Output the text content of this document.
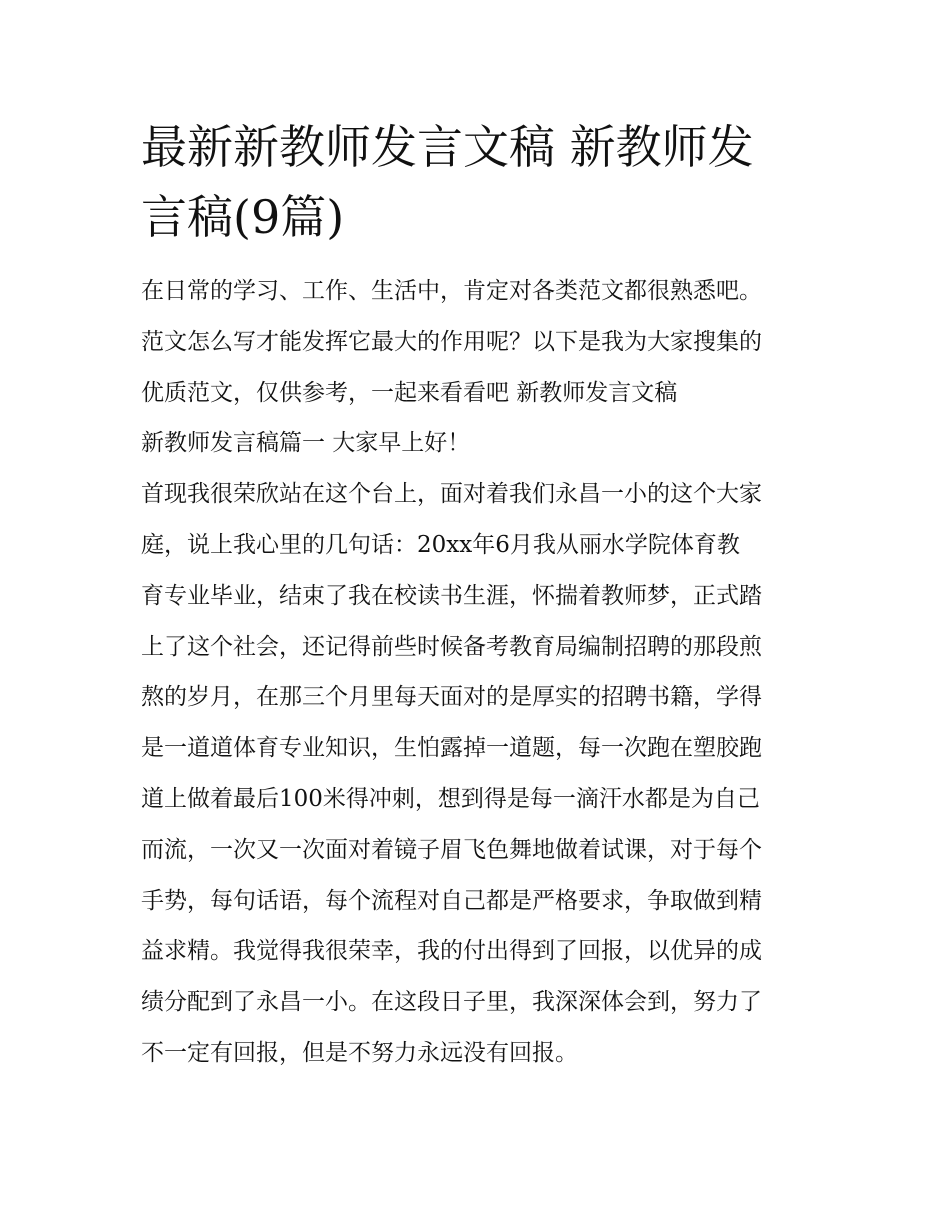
最新新教师发言文稿 新教师发
言稿(9篇)
在日常的学习、工作、生活中，肯定对各类范文都很熟悉吧。
范文怎么写才能发挥它最大的作用呢？以下是我为大家搜集的
优质范文，仅供参考，一起来看看吧 新教师发言文稿
新教师发言稿篇一 大家早上好！
首现我很荣欣站在这个台上，面对着我们永昌一小的这个大家
庭，说上我心里的几句话：20xx年6月我从丽水学院体育教
育专业毕业，结束了我在校读书生涯，怀揣着教师梦，正式踏
上了这个社会，还记得前些时候备考教育局编制招聘的那段煎
熬的岁月，在那三个月里每天面对的是厚实的招聘书籍，学得
是一道道体育专业知识，生怕露掉一道题，每一次跑在塑胶跑
道上做着最后100米得冲刺，想到得是每一滴汗水都是为自己
而流，一次又一次面对着镜子眉飞色舞地做着试课，对于每个
手势，每句话语，每个流程对自己都是严格要求，争取做到精
益求精。我觉得我很荣幸，我的付出得到了回报，以优异的成
绩分配到了永昌一小。在这段日子里，我深深体会到，努力了
不一定有回报，但是不努力永远没有回报。
